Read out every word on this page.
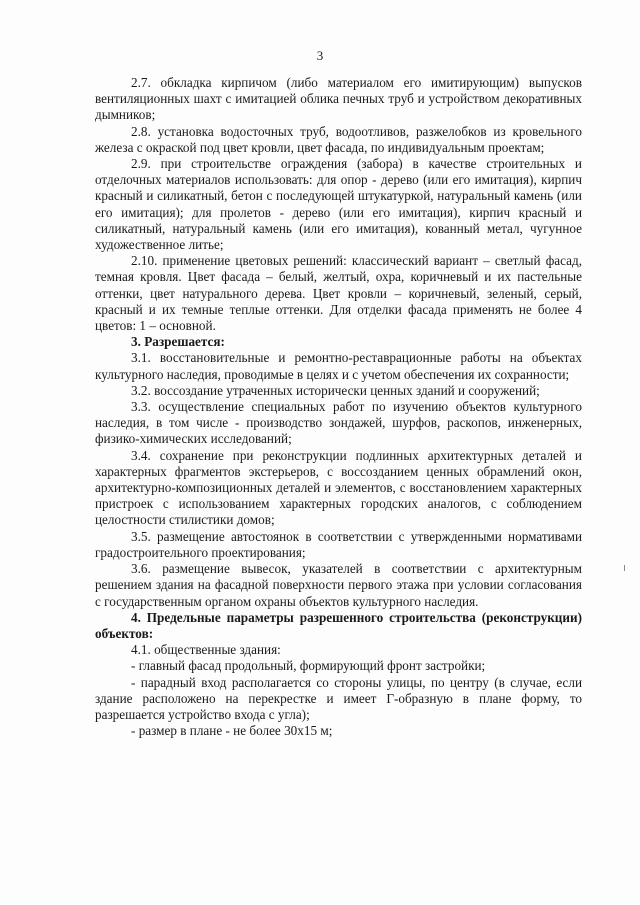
3

2.7. обкладка кирпичом (либо материалом его имитирующим) выпусков вентиляционных шахт с имитацией облика печных труб и устройством декоративных дымников;

2.8. установка водосточных труб, водоотливов, разжелобков из кровельного железа с окраской под цвет кровли, цвет фасада, по индивидуальным проектам;

2.9. при строительстве ограждения (забора) в качестве строительных и отделочных материалов использовать: для опор - дерево (или его имитация), кирпич красный и силикатный, бетон с последующей штукатуркой, натуральный камень (или его имитация); для пролетов - дерево (или его имитация), кирпич красный и силикатный, натуральный камень (или его имитация), кованный метал, чугунное художественное литье;

2.10. применение цветовых решений: классический вариант – светлый фасад, темная кровля. Цвет фасада – белый, желтый, охра, коричневый и их пастельные оттенки, цвет натурального дерева. Цвет кровли – коричневый, зеленый, серый, красный и их темные теплые оттенки. Для отделки фасада применять не более 4 цветов: 1 – основной.

3. Разрешается:

3.1. восстановительные и ремонтно-реставрационные работы на объектах культурного наследия, проводимые в целях и с учетом обеспечения их сохранности;

3.2. воссоздание утраченных исторически ценных зданий и сооружений;

3.3. осуществление специальных работ по изучению объектов культурного наследия, в том числе - производство зондажей, шурфов, раскопов, инженерных, физико-химических исследований;

3.4. сохранение при реконструкции подлинных архитектурных деталей и характерных фрагментов экстерьеров, с воссозданием ценных обрамлений окон, архитектурно-композиционных деталей и элементов, с восстановлением характерных пристроек с использованием характерных городских аналогов, с соблюдением целостности стилистики домов;

3.5. размещение автостоянок в соответствии с утвержденными нормативами градостроительного проектирования;

3.6. размещение вывесок, указателей в соответствии с архитектурным решением здания на фасадной поверхности первого этажа при условии согласования с государственным органом охраны объектов культурного наследия.

4. Предельные параметры разрешенного строительства (реконструкции) объектов:

4.1. общественные здания:

- главный фасад продольный, формирующий фронт застройки;

- парадный вход располагается со стороны улицы, по центру (в случае, если здание расположено на перекрестке и имеет Г-образную в плане форму, то разрешается устройство входа с угла);

- размер в плане - не более 30х15 м;
